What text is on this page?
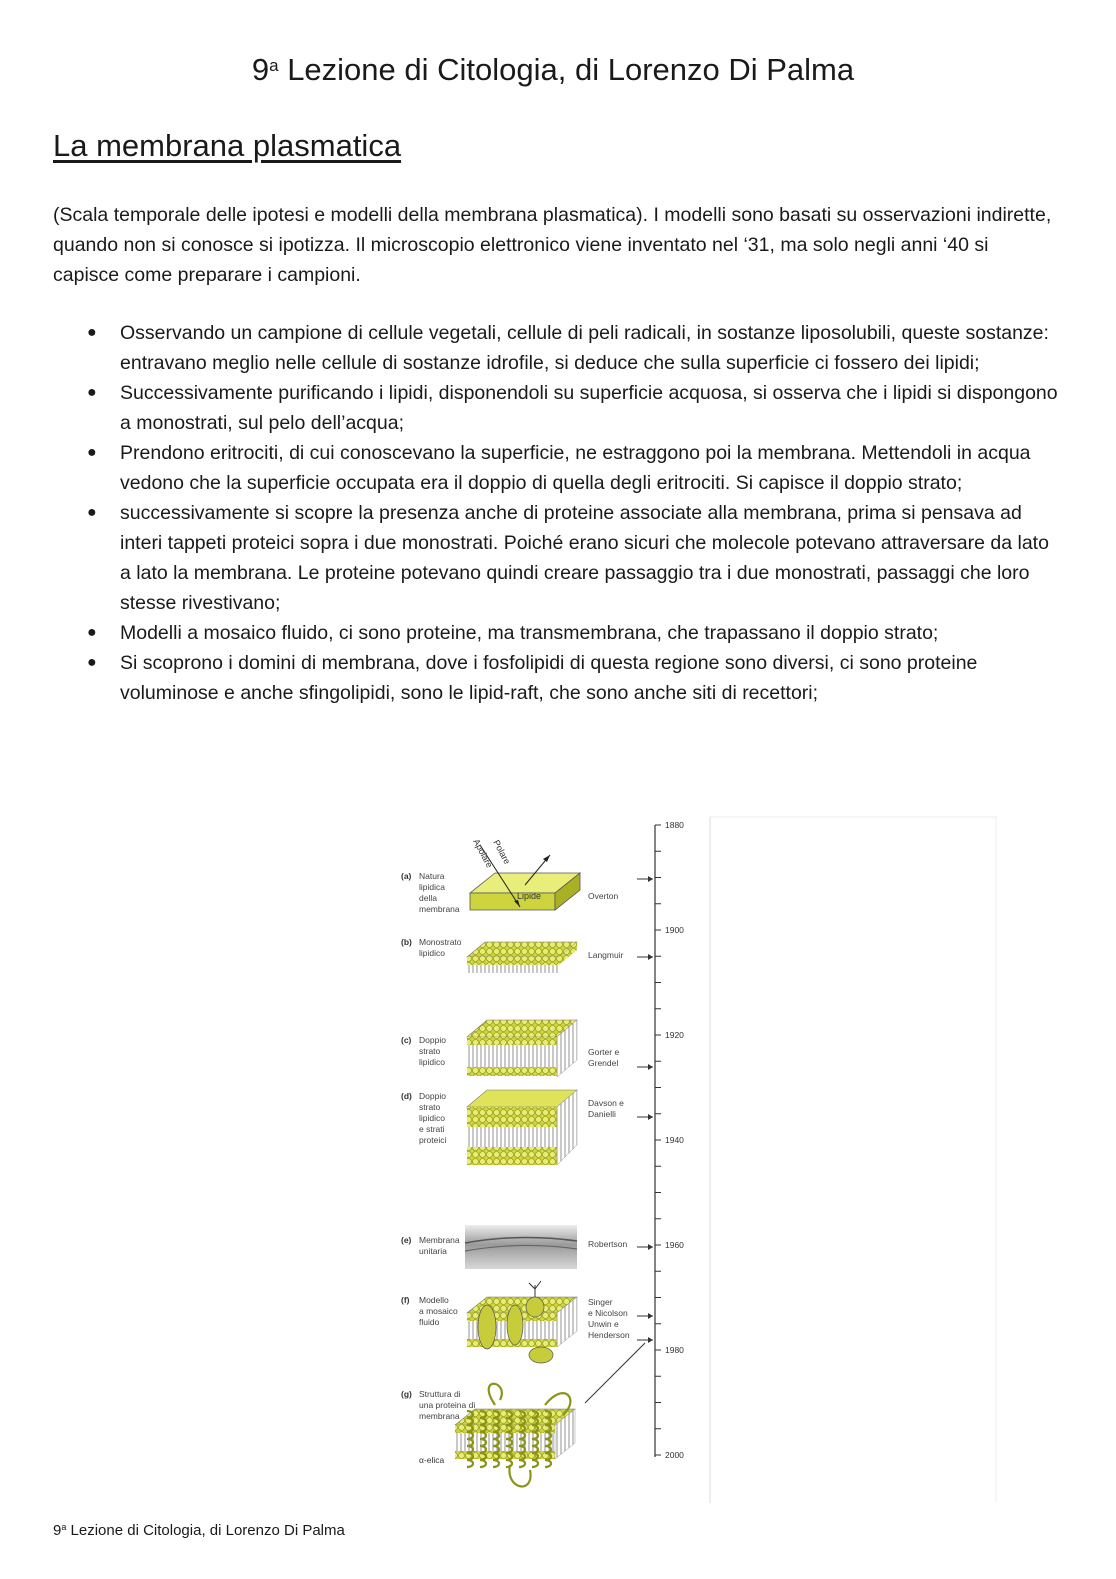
9$^a$ Lezione di Citologia, di Lorenzo Di Palma
La membrana plasmatica
(Scala temporale delle ipotesi e modelli della membrana plasmatica). I modelli sono basati su osservazioni indirette, quando non si conosce si ipotizza. Il microscopio elettronico viene inventato nel ‘31, ma solo negli anni ‘40 si capisce come preparare i campioni.
● Osservando un campione di cellule vegetali, cellule di peli radicali, in sostanze liposolubili, queste sostanze: entravano meglio nelle cellule di sostanze idrofile, si deduce che sulla superficie ci fossero dei lipidi;
● Successivamente purificando i lipidi, disponendoli su superficie acquosa, si osserva che i lipidi si dispongono a monostrati, sul pelo dell’acqua;
● Prendono eritrociti, di cui conoscevano la superficie, ne estraggono poi la membrana. Mettendoli in acqua vedono che la superficie occupata era il doppio di quella degli eritrociti. Si capisce il doppio strato;
● successivamente si scopre la presenza anche di proteine associate alla membrana, prima si pensava ad interi tappeti proteici sopra i due monostrati. Poiché erano sicuri che molecole potevano attraversare da lato a lato la membrana. Le proteine potevano quindi creare passaggio tra i due monostrati, passaggi che loro stesse rivestivano;
● Modelli a mosaico fluido, ci sono proteine, ma transmembrana, che trapassano il doppio strato;
● Si scoprono i domini di membrana, dove i fosfolipidi di questa regione sono diversi, ci sono proteine voluminose e anche sfingolipidi, sono le lipid-raft, che sono anche siti di recettori;
1880
1900
1920
1940
1960
1980
2000
Lipide
Polare
Apolare
α-elica
(a) Natura
lipidica
della
membrana
(b) Monostrato
lipidico
(c) Doppio
strato
lipidico
(d) Doppio
strato
lipidico
e strati
proteici
(e) Membrana
unitaria
(f) Modello
a mosaico
fluido
(g) Struttura di
una proteina di
membrana
Overton
Langmuir
Gorter e
Grendel
Davson e
Danielli
Robertson
Singer
e Nicolson
Unwin e
Henderson
9$^a$ Lezione di Citologia, di Lorenzo Di Palma
